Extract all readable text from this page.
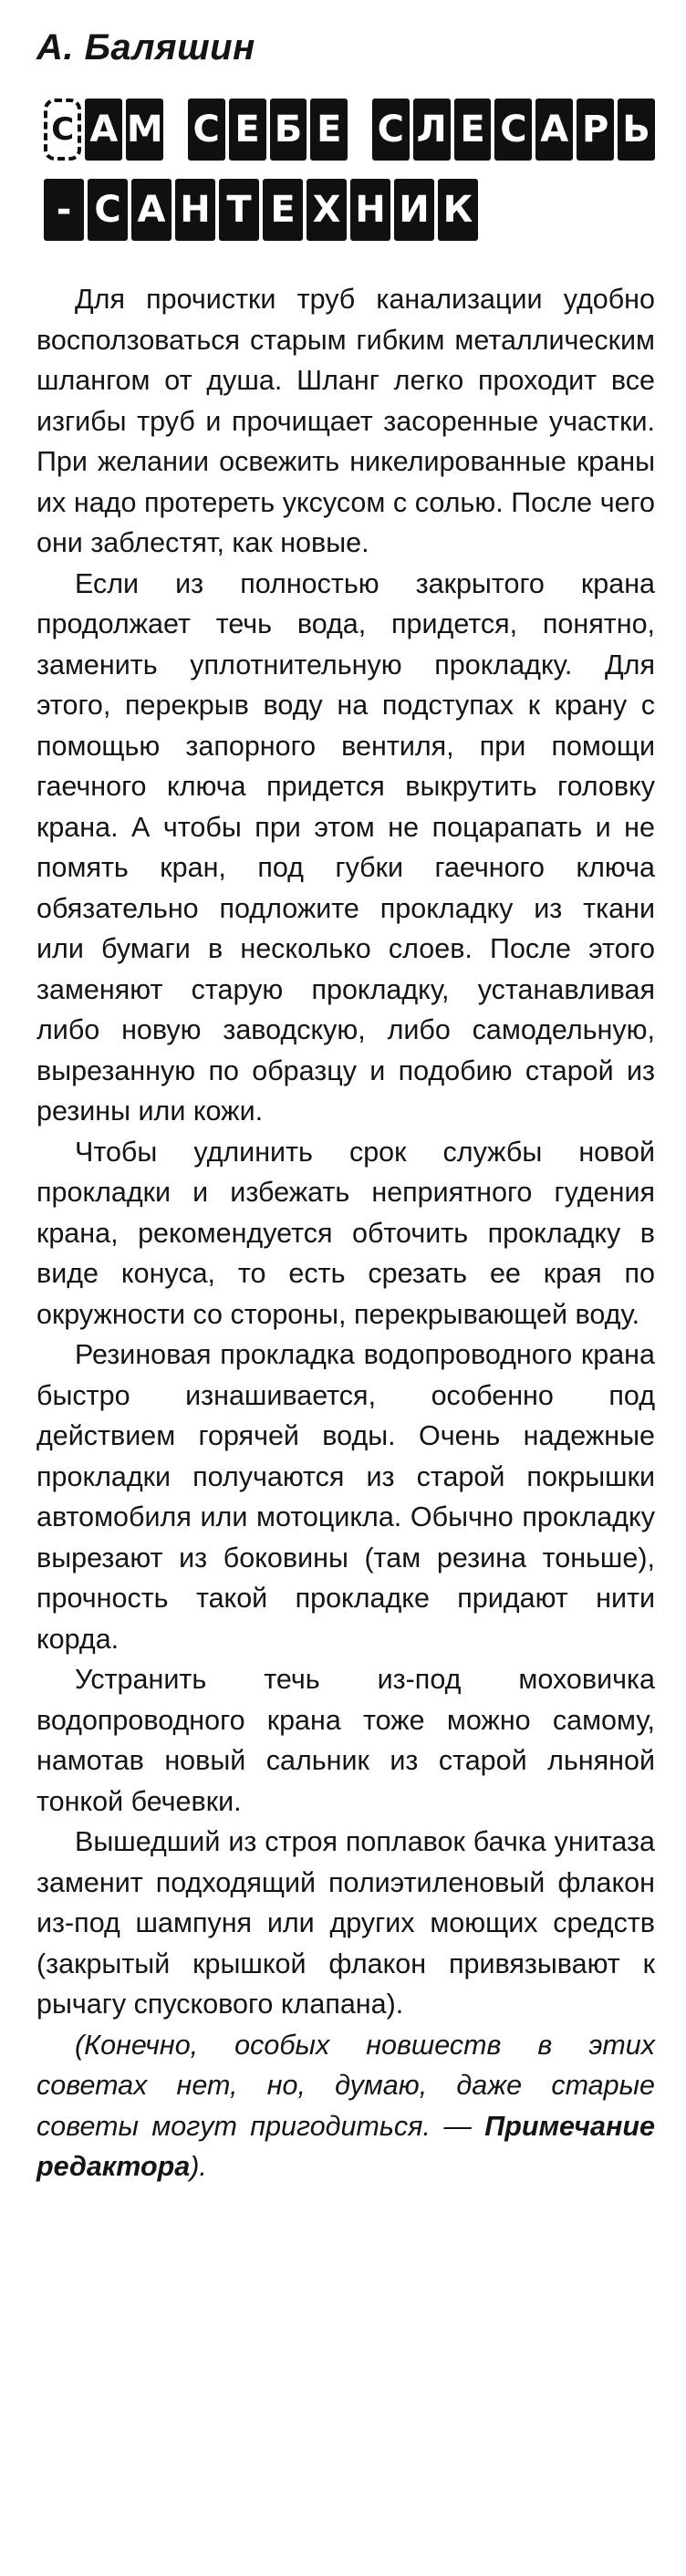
А. Баляшин
С А М С Е Б Е С Л Е С А Р Ь
- С А Н Т Е Х Н И К

Для прочистки труб канализации удобно восползоваться старым гибким металлическим шлангом от душа. Шланг легко проходит все изгибы труб и прочищает засоренные участки. При желании освежить никелированные краны их надо протереть уксусом с солью. После чего они заблестят, как новые.

Если из полностью закрытого крана продолжает течь вода, придется, понятно, заменить уплотнительную прокладку. Для этого, перекрыв воду на подступах к крану с помощью запорного вентиля, при помощи гаечного ключа придется выкрутить головку крана. А чтобы при этом не поцарапать и не помять кран, под губки гаечного ключа обязательно подложите прокладку из ткани или бумаги в несколько слоев. После этого заменяют старую прокладку, устанавливая либо новую заводскую, либо самодельную, вырезанную по образцу и подобию старой из резины или кожи.

Чтобы удлинить срок службы новой прокладки и избежать неприятного гудения крана, рекомендуется обточить прокладку в виде конуса, то есть срезать ее края по окружности со стороны, перекрывающей воду.

Резиновая прокладка водопроводного крана быстро изнашивается, особенно под действием горячей воды. Очень надежные прокладки получаются из старой покрышки автомобиля или мотоцикла. Обычно прокладку вырезают из боковины (там резина тоньше), прочность такой прокладке придают нити корда.

Устранить течь из-под моховичка водопроводного крана тоже можно самому, намотав новый сальник из старой льняной тонкой бечевки.

Вышедший из строя поплавок бачка унитаза заменит подходящий полиэтиленовый флакон из-под шампуня или других моющих средств (закрытый крышкой флакон привязывают к рычагу спускового клапана).

(Конечно, особых новшеств в этих советах нет, но, думаю, даже старые советы могут пригодиться. — Примечание редактора).
